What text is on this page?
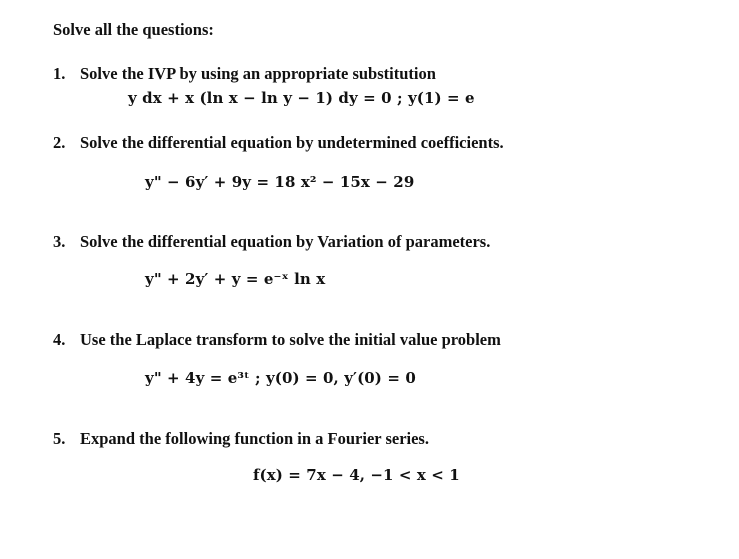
Solve all the questions:
1. Solve the IVP by using an appropriate substitution
y dx + x (ln x − ln y − 1) dy = 0 ; y(1) = e
2. Solve the differential equation by undetermined coefficients.
y" − 6y′ + 9y = 18 x² − 15x − 29
3. Solve the differential equation by Variation of parameters.
y" + 2y′ + y = e⁻ˣ ln x
4. Use the Laplace transform to solve the initial value problem
y" + 4y = e³ᵗ ; y(0) = 0, y′(0) = 0
5. Expand the following function in a Fourier series.
f(x) = 7x − 4, −1 < x < 1
